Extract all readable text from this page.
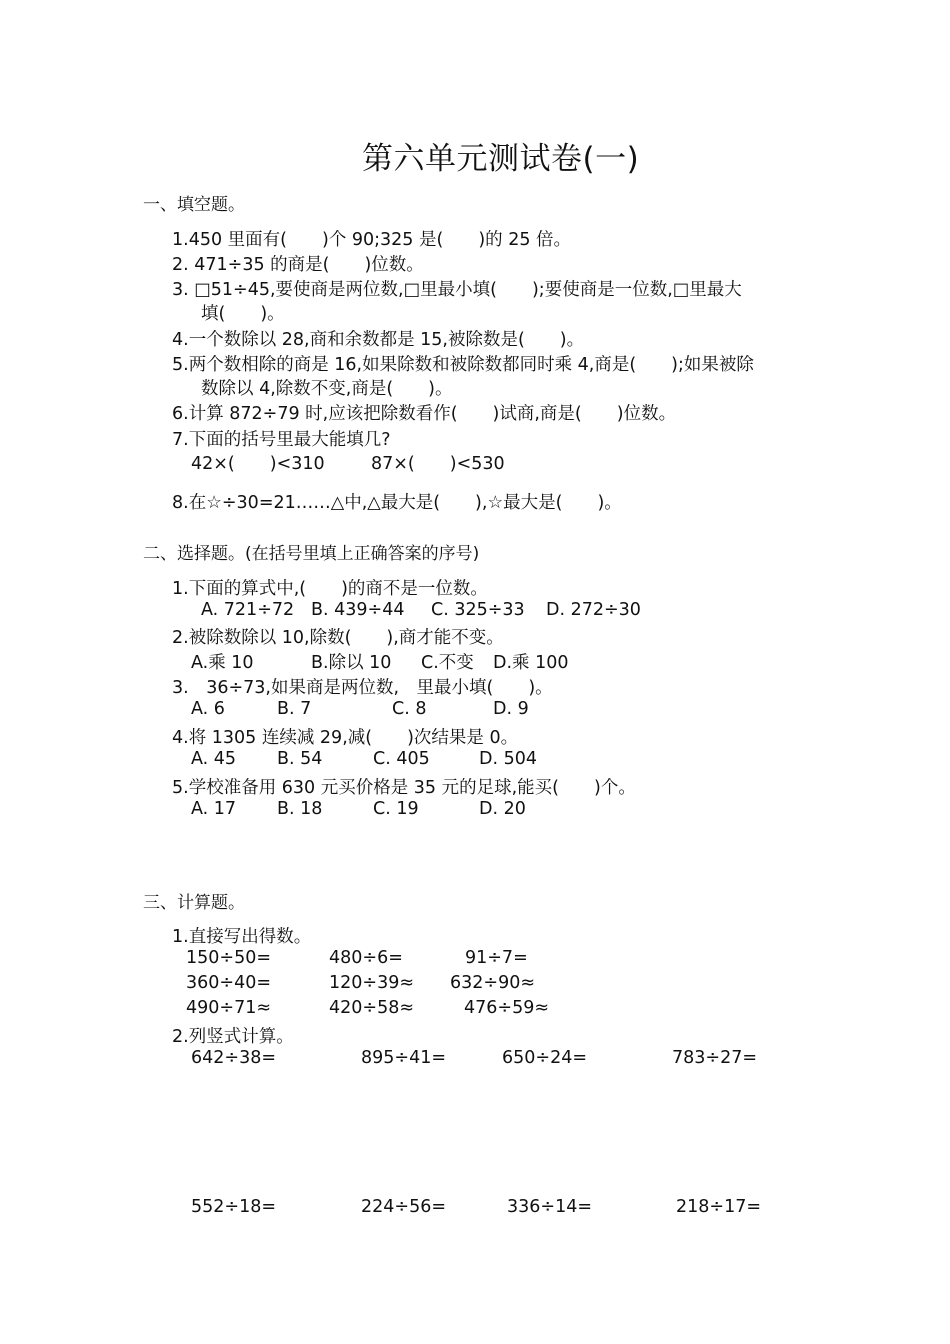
第六单元测试卷(一)
一、填空题。
1.450 里面有(　　)个 90;325 是(　　)的 25 倍。
2. 471÷35 的商是(　　)位数。
3. □51÷45,要使商是两位数,□里最小填(　　);要使商是一位数,□里最大
填(　　)。
4.一个数除以 28,商和余数都是 15,被除数是(　　)。
5.两个数相除的商是 16,如果除数和被除数都同时乘 4,商是(　　);如果被除
数除以 4,除数不变,商是(　　)。
6.计算 872÷79 时,应该把除数看作(　　)试商,商是(　　)位数。
7.下面的括号里最大能填几?
42×(　　)<310	87×(　　)<530
8.在☆÷30=21……△中,△最大是(　　),☆最大是(　　)。
二、选择题。(在括号里填上正确答案的序号)
1.下面的算式中,(　　)的商不是一位数。
A. 721÷72 B. 439÷44 C. 325÷33 D. 272÷30
2.被除数除以 10,除数(　　),商才能不变。
A.乘 10	B.除以 10 C.不变 D.乘 100
3.　36÷73,如果商是两位数,　里最小填(　　)。
A. 6	B. 7	C. 8	D. 9
4.将 1305 连续减 29,减(　　)次结果是 0。
A. 45 B. 54	C. 405	D. 504
5.学校准备用 630 元买价格是 35 元的足球,能买(　　)个。
A. 17 B. 18	C. 19	D. 20
三、计算题。
1.直接写出得数。
150÷50=	480÷6=	91÷7=
360÷40=	120÷39≈ 632÷90≈
490÷71≈	420÷58≈	476÷59≈
2.列竖式计算。
642÷38=	895÷41=	650÷24=	783÷27=
552÷18=	224÷56=	336÷14=	218÷17=
